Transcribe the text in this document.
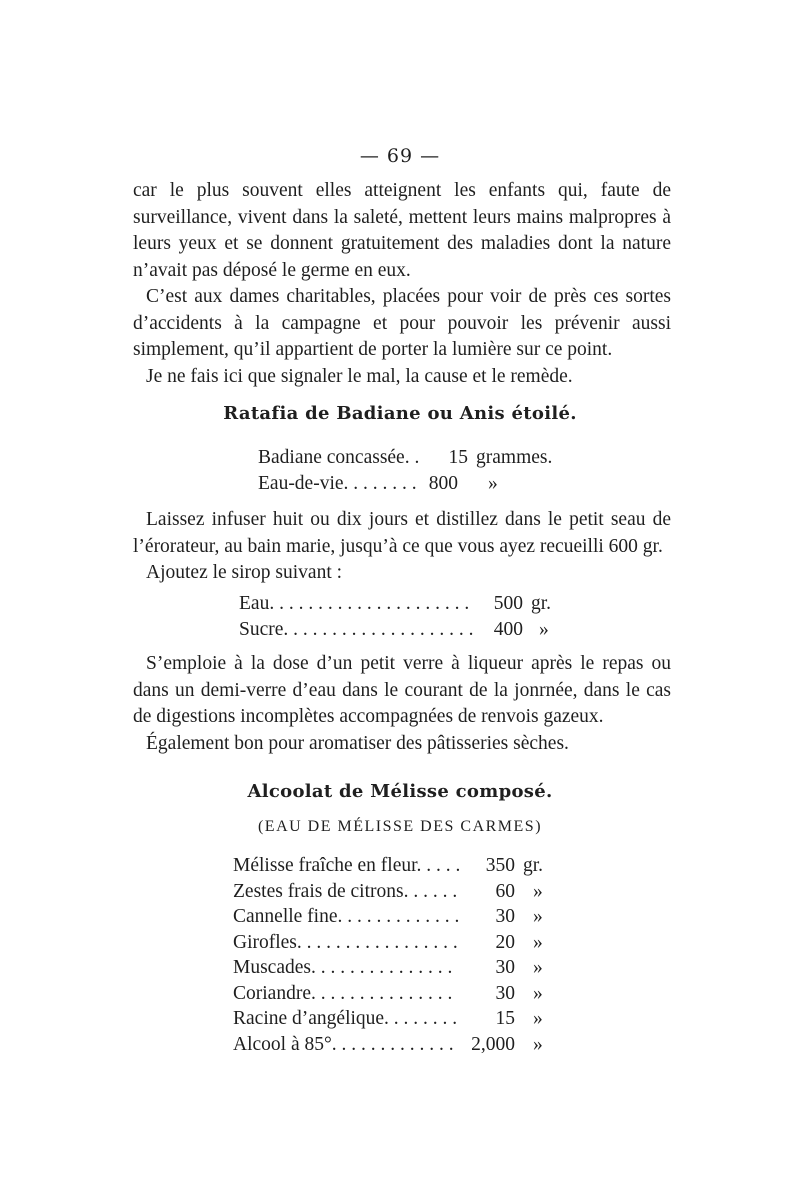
— 69 —

car le plus souvent elles atteignent les enfants qui, faute de surveillance, vivent dans la saleté, mettent leurs mains malpropres à leurs yeux et se donnent gratuitement des maladies dont la nature n’avait pas déposé le germe en eux.

C’est aux dames charitables, placées pour voir de près ces sortes d’accidents à la campagne et pour pouvoir les prévenir aussi simplement, qu’il appartient de porter la lumière sur ce point.

Je ne fais ici que signaler le mal, la cause et le remède.

Ratafia de Badiane ou Anis étoilé.
Badiane concassée. .	15 grammes.
Eau-de-vie. . . . . . . . 800 »

Laissez infuser huit ou dix jours et distillez dans le petit seau de l’érorateur, au bain marie, jusqu’à ce que vous ayez recueilli 600 gr.

Ajoutez le sirop suivant :

Eau. . . . . . . . . . . . . . . . . . . . .	500 gr.
Sucre. . . . . . . . . . . . . . . . . . . .	400 »

S’emploie à la dose d’un petit verre à liqueur après le repas ou dans un demi-verre d’eau dans le courant de la jonrnée, dans le cas de digestions incomplètes accompagnées de renvois gazeux.

Également bon pour aromatiser des pâtisseries sèches.

Alcoolat de Mélisse composé.
(EAU DE MÉLISSE DES CARMES)
Mélisse fraîche en fleur. . . . .	350 gr.
Zestes frais de citrons. . . . . .	60 »
Cannelle fine. . . . . . . . . . . . .	30 »
Girofles. . . . . . . . . . . . . . . . .	20 »
Muscades. . . . . . . . . . . . . . .	30 »
Coriandre. . . . . . . . . . . . . . .	30 »
Racine d’angélique. . . . . . . .	15 »
Alcool à 85°. . . . . . . . . . . . . 2,000 »
